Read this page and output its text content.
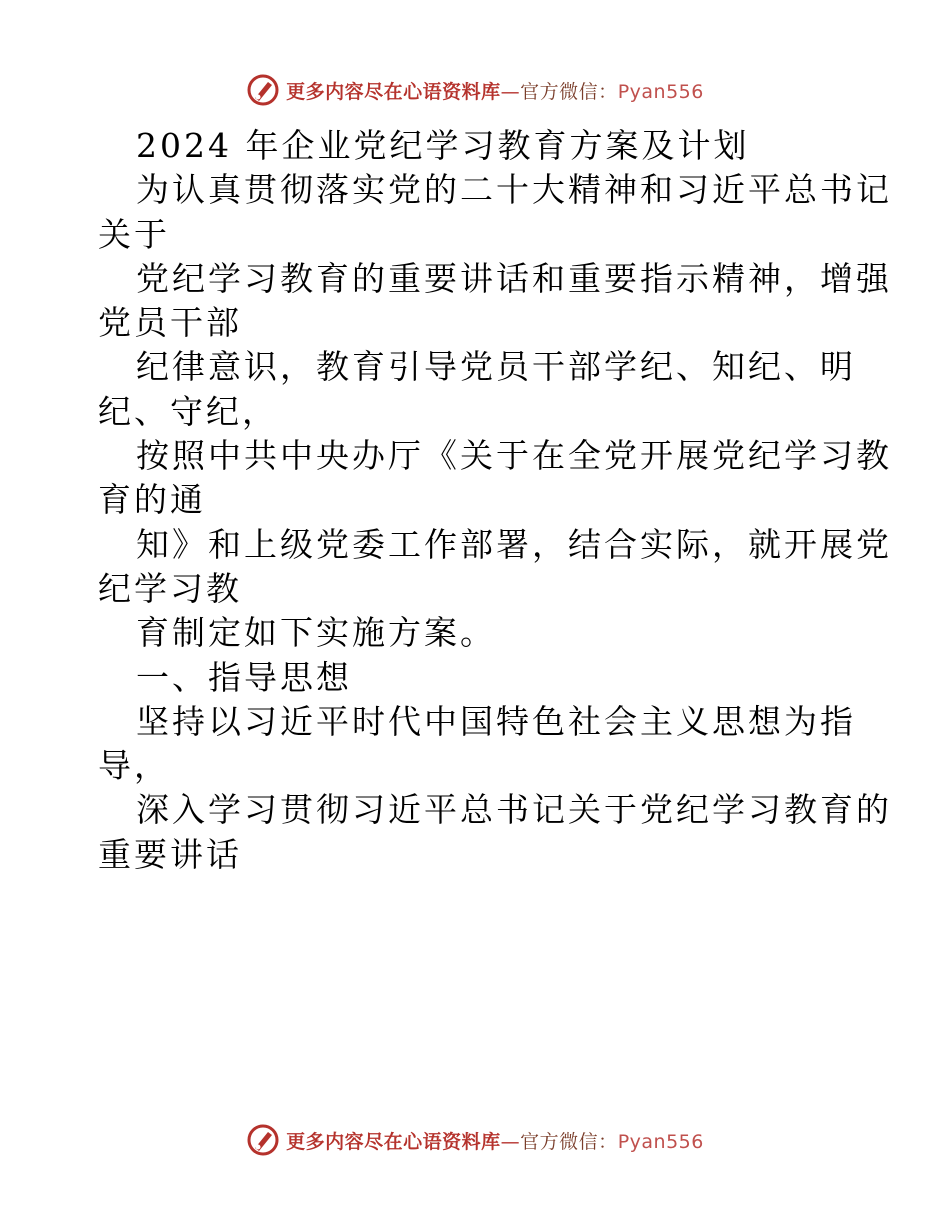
更多内容尽在心语资料库—官方微信：Pyan556
2024 年企业党纪学习教育方案及计划
为认真贯彻落实党的二十大精神和习近平总书记
关于
党纪学习教育的重要讲话和重要指示精神，增强
党员干部
纪律意识，教育引导党员干部学纪、知纪、明
纪、守纪，
按照中共中央办厅《关于在全党开展党纪学习教
育的通
知》和上级党委工作部署，结合实际，就开展党
纪学习教
育制定如下实施方案。
一、指导思想
坚持以习近平时代中国特色社会主义思想为指
导，
深入学习贯彻习近平总书记关于党纪学习教育的
重要讲话
更多内容尽在心语资料库—官方微信：Pyan556
